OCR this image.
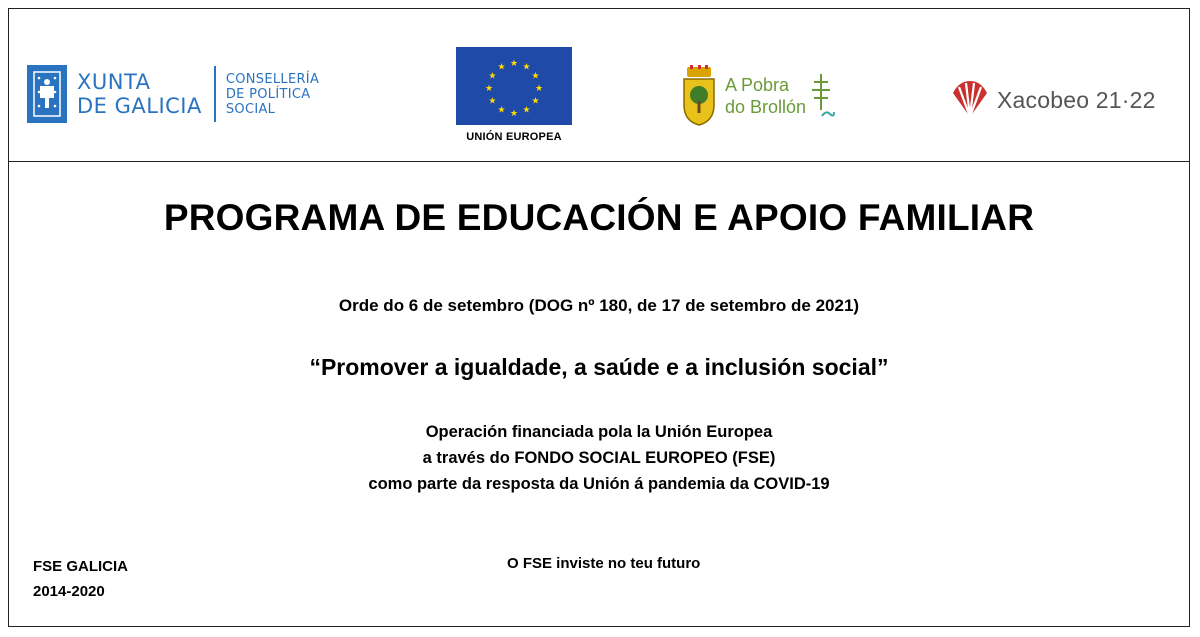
XUNTA
DE GALICIA
CONSELLERÍA
DE POLÍTICA
SOCIAL
★ ★
★
★
★
★
★
★
★
★
★
★
UNIÓN EUROPEA
A Pobra
do Brollón	Xacobeo 21·22
PROGRAMA DE EDUCACIÓN E APOIO FAMILIAR
Orde do 6 de setembro (DOG nº 180, de 17 de setembro de 2021)
“Promover a igualdade, a saúde e a inclusión social”
Operación financiada pola la Unión Europea
a través do FONDO SOCIAL EUROPEO (FSE)
como parte da resposta da Unión á pandemia da COVID-19
FSE GALICIA
2014-2020
O FSE inviste no teu futuro
